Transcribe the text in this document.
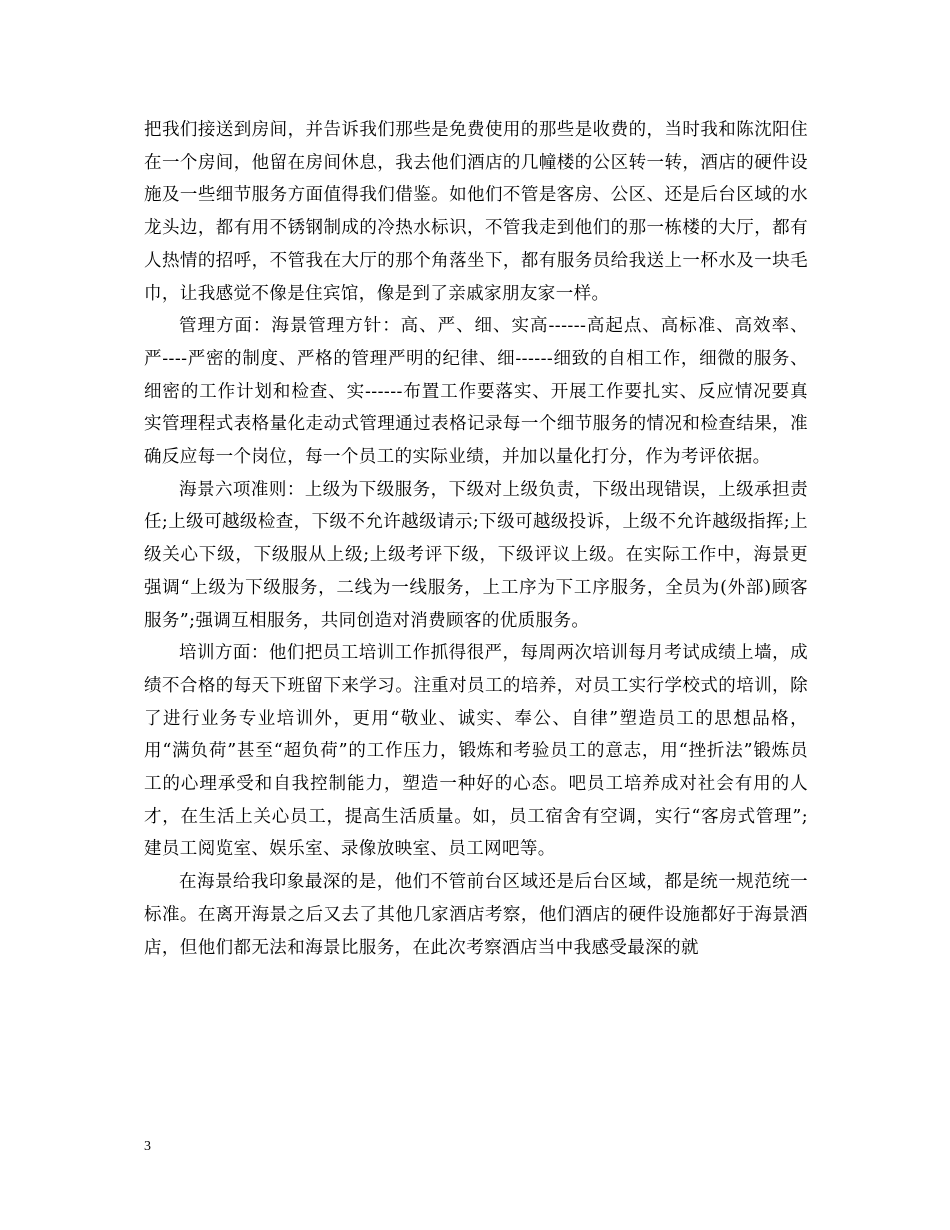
把我们接送到房间，并告诉我们那些是免费使用的那些是收费的，当时我和陈沈阳住在一个房间，他留在房间休息，我去他们酒店的几幢楼的公区转一转，酒店的硬件设施及一些细节服务方面值得我们借鉴。如他们不管是客房、公区、还是后台区域的水龙头边，都有用不锈钢制成的冷热水标识，不管我走到他们的那一栋楼的大厅，都有人热情的招呼，不管我在大厅的那个角落坐下，都有服务员给我送上一杯水及一块毛巾，让我感觉不像是住宾馆，像是到了亲戚家朋友家一样。

管理方面：海景管理方针：高、严、细、实高------高起点、高标准、高效率、严----严密的制度、严格的管理严明的纪律、细------细致的自相工作，细微的服务、细密的工作计划和检查、实------布置工作要落实、开展工作要扎实、反应情况要真实管理程式表格量化走动式管理通过表格记录每一个细节服务的情况和检查结果，准确反应每一个岗位，每一个员工的实际业绩，并加以量化打分，作为考评依据。

海景六项准则：上级为下级服务，下级对上级负责，下级出现错误，上级承担责任;上级可越级检查，下级不允许越级请示;下级可越级投诉，上级不允许越级指挥;上级关心下级，下级服从上级;上级考评下级，下级评议上级。在实际工作中，海景更强调“上级为下级服务，二线为一线服务，上工序为下工序服务，全员为(外部)顾客服务”;强调互相服务，共同创造对消费顾客的优质服务。

培训方面：他们把员工培训工作抓得很严，每周两次培训每月考试成绩上墙，成绩不合格的每天下班留下来学习。注重对员工的培养，对员工实行学校式的培训，除了进行业务专业培训外，更用“敬业、诚实、奉公、自律”塑造员工的思想品格，用“满负荷”甚至“超负荷”的工作压力，锻炼和考验员工的意志，用“挫折法”锻炼员工的心理承受和自我控制能力，塑造一种好的心态。吧员工培养成对社会有用的人才，在生活上关心员工，提高生活质量。如，员工宿舍有空调，实行“客房式管理”;建员工阅览室、娱乐室、录像放映室、员工网吧等。

在海景给我印象最深的是，他们不管前台区域还是后台区域，都是统一规范统一标准。在离开海景之后又去了其他几家酒店考察，他们酒店的硬件设施都好于海景酒店，但他们都无法和海景比服务，在此次考察酒店当中我感受最深的就

3
